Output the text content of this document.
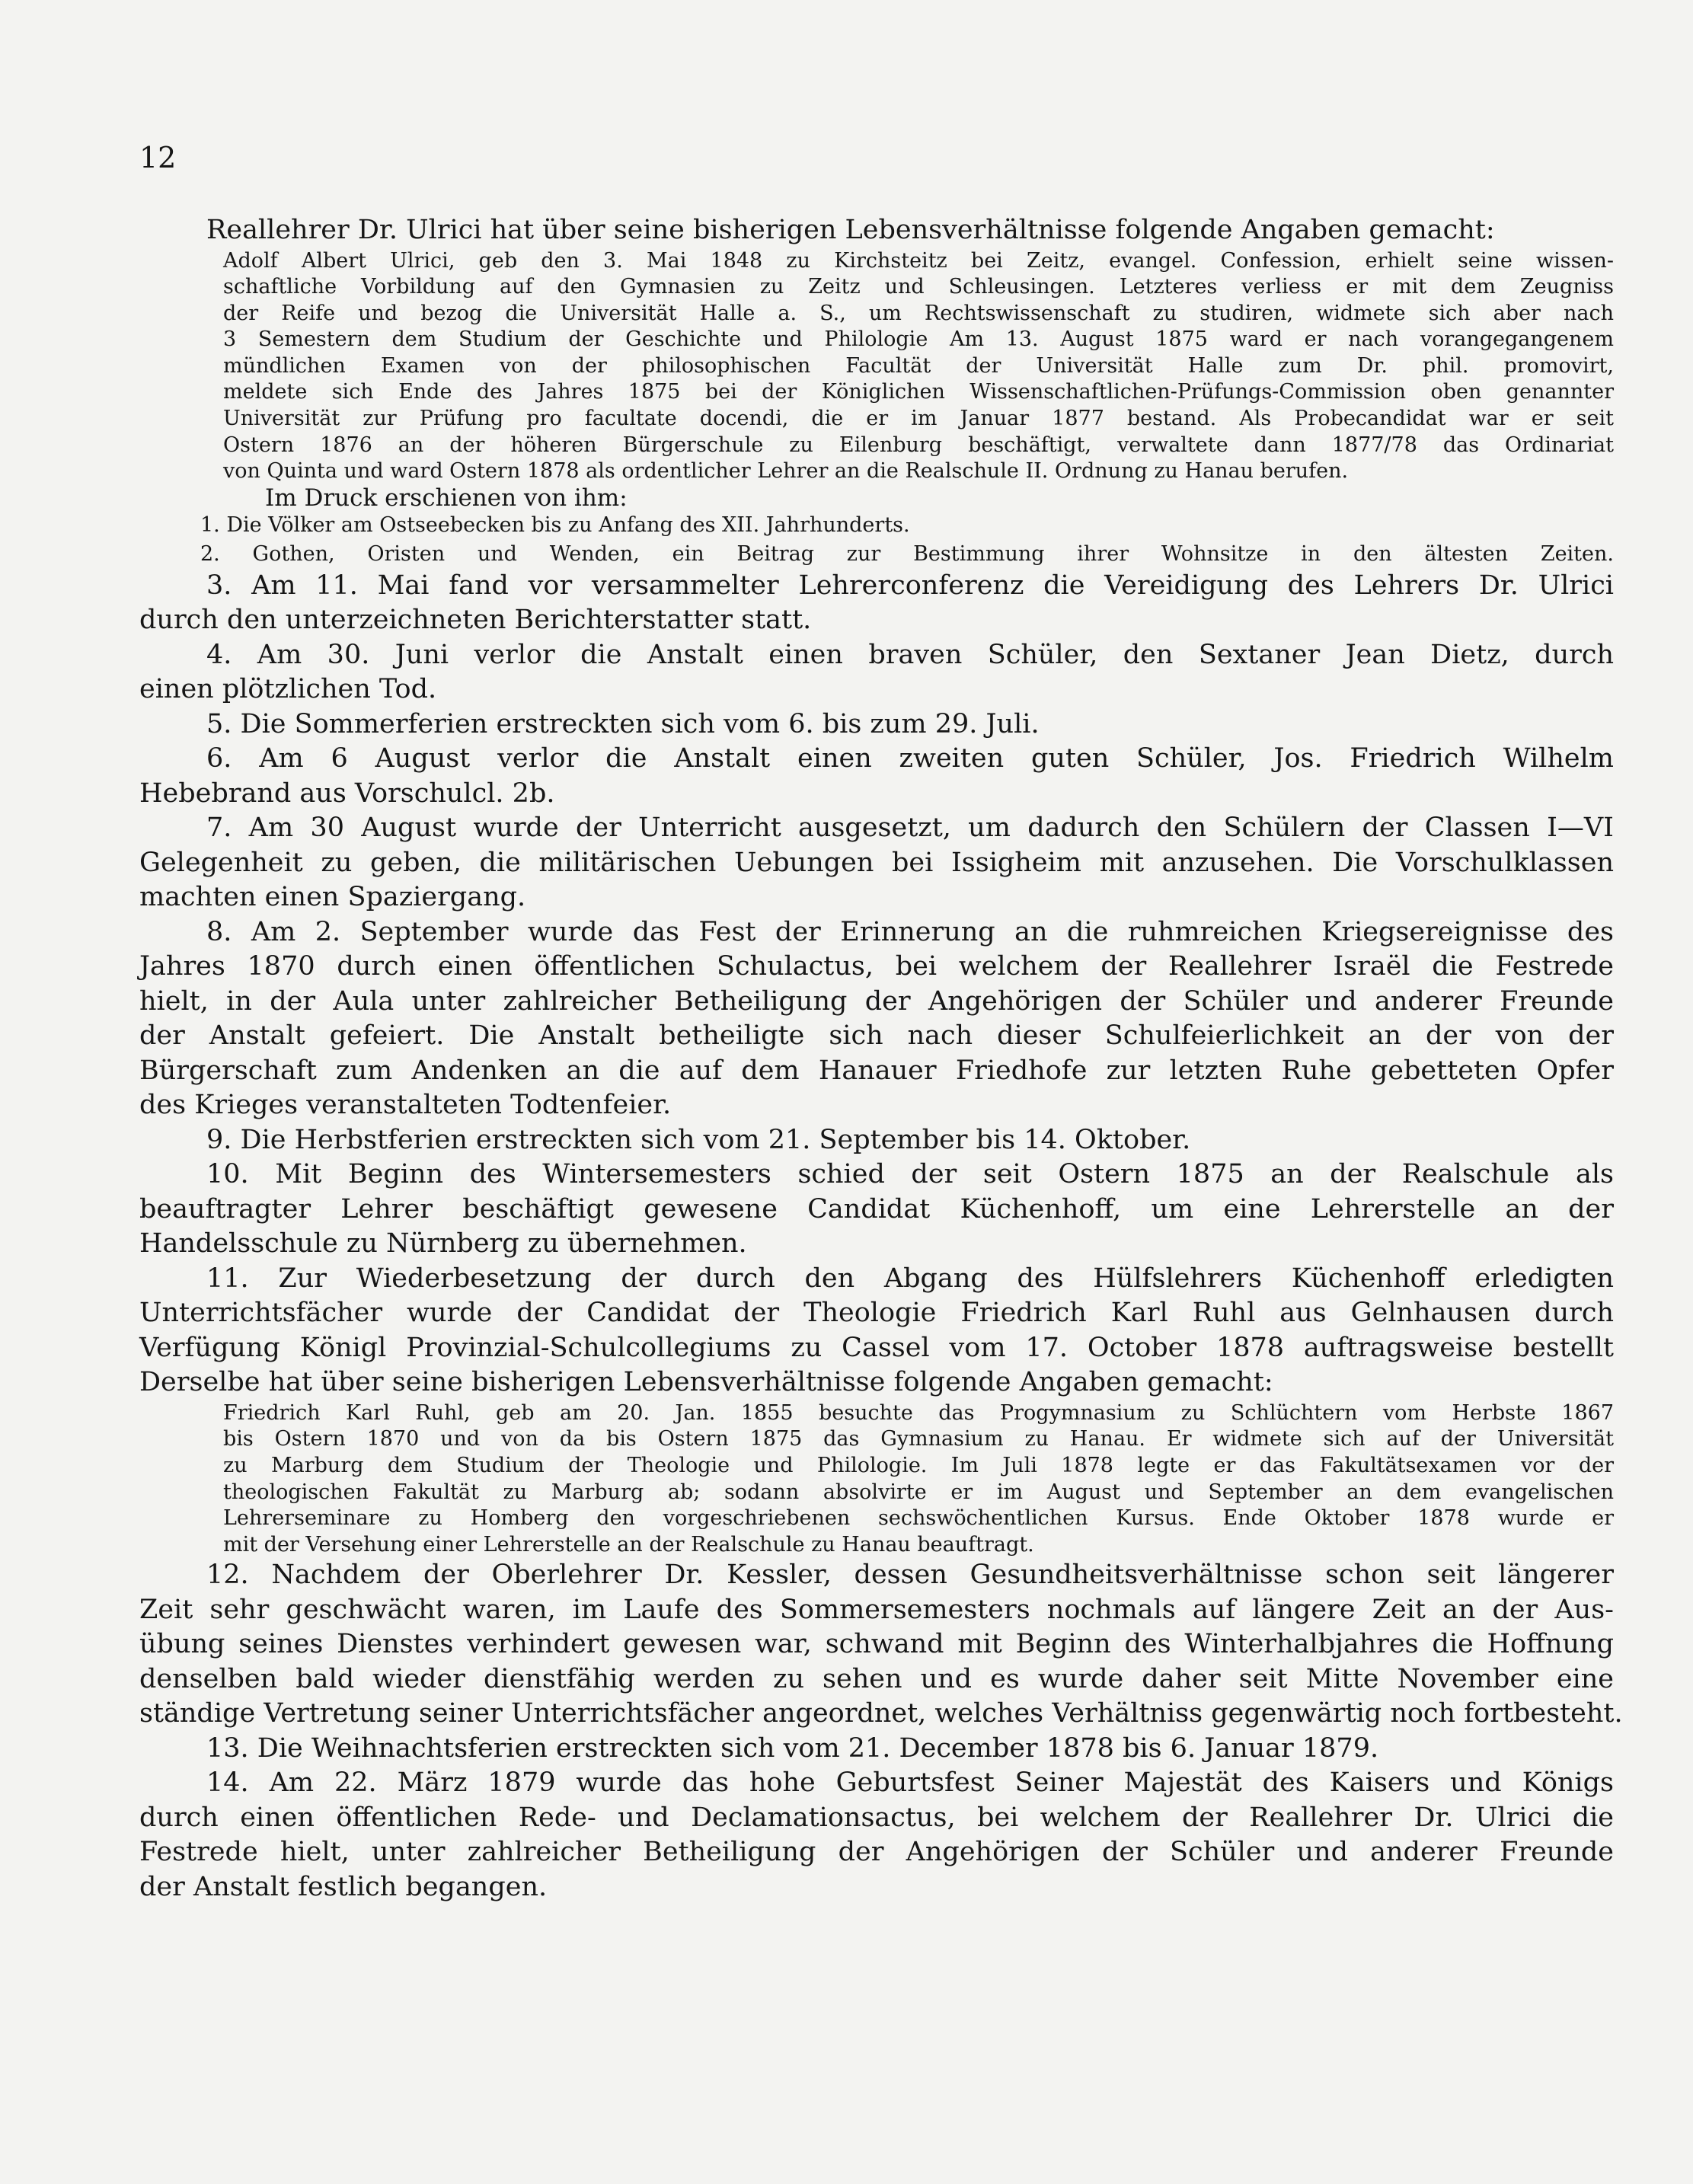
12
Reallehrer Dr. Ulrici hat über seine bisherigen Lebensverhältnisse folgende Angaben gemacht:
Adolf Albert Ulrici, geb den 3. Mai 1848 zu Kirchsteitz bei Zeitz, evangel. Confession, erhielt seine wissen-
schaftliche Vorbildung auf den Gymnasien zu Zeitz und Schleusingen. Letzteres verliess er mit dem Zeugniss
der Reife und bezog die Universität Halle a. S., um Rechtswissenschaft zu studiren, widmete sich aber nach
3 Semestern dem Studium der Geschichte und Philologie Am 13. August 1875 ward er nach vorangegangenem
mündlichen Examen von der philosophischen Facultät der Universität Halle zum Dr. phil. promovirt,
meldete sich Ende des Jahres 1875 bei der Königlichen Wissenschaftlichen-Prüfungs-Commission oben genannter
Universität zur Prüfung pro facultate docendi, die er im Januar 1877 bestand. Als Probecandidat war er seit
Ostern 1876 an der höheren Bürgerschule zu Eilenburg beschäftigt, verwaltete dann 1877/78 das Ordinariat
von Quinta und ward Ostern 1878 als ordentlicher Lehrer an die Realschule II. Ordnung zu Hanau berufen.
Im Druck erschienen von ihm:
1. Die Völker am Ostseebecken bis zu Anfang des XII. Jahrhunderts.
2. Gothen, Oristen und Wenden, ein Beitrag zur Bestimmung ihrer Wohnsitze in den ältesten Zeiten.
3. Am 11. Mai fand vor versammelter Lehrerconferenz die Vereidigung des Lehrers Dr. Ulrici
durch den unterzeichneten Berichterstatter statt.
4. Am 30. Juni verlor die Anstalt einen braven Schüler, den Sextaner Jean Dietz, durch
einen plötzlichen Tod.
5. Die Sommerferien erstreckten sich vom 6. bis zum 29. Juli.
6. Am 6 August verlor die Anstalt einen zweiten guten Schüler, Jos. Friedrich Wilhelm
Hebebrand aus Vorschulcl. 2b.
7. Am 30 August wurde der Unterricht ausgesetzt, um dadurch den Schülern der Classen I—VI
Gelegenheit zu geben, die militärischen Uebungen bei Issigheim mit anzusehen. Die Vorschulklassen
machten einen Spaziergang.
8. Am 2. September wurde das Fest der Erinnerung an die ruhmreichen Kriegsereignisse des
Jahres 1870 durch einen öffentlichen Schulactus, bei welchem der Reallehrer Israël die Festrede
hielt, in der Aula unter zahlreicher Betheiligung der Angehörigen der Schüler und anderer Freunde
der Anstalt gefeiert. Die Anstalt betheiligte sich nach dieser Schulfeierlichkeit an der von der
Bürgerschaft zum Andenken an die auf dem Hanauer Friedhofe zur letzten Ruhe gebetteten Opfer
des Krieges veranstalteten Todtenfeier.
9. Die Herbstferien erstreckten sich vom 21. September bis 14. Oktober.
10. Mit Beginn des Wintersemesters schied der seit Ostern 1875 an der Realschule als
beauftragter Lehrer beschäftigt gewesene Candidat Küchenhoff, um eine Lehrerstelle an der
Handelsschule zu Nürnberg zu übernehmen.
11. Zur Wiederbesetzung der durch den Abgang des Hülfslehrers Küchenhoff erledigten
Unterrichtsfächer wurde der Candidat der Theologie Friedrich Karl Ruhl aus Gelnhausen durch
Verfügung Königl Provinzial-Schulcollegiums zu Cassel vom 17. October 1878 auftragsweise bestellt
Derselbe hat über seine bisherigen Lebensverhältnisse folgende Angaben gemacht:
Friedrich Karl Ruhl, geb am 20. Jan. 1855 besuchte das Progymnasium zu Schlüchtern vom Herbste 1867
bis Ostern 1870 und von da bis Ostern 1875 das Gymnasium zu Hanau. Er widmete sich auf der Universität
zu Marburg dem Studium der Theologie und Philologie. Im Juli 1878 legte er das Fakultätsexamen vor der
theologischen Fakultät zu Marburg ab; sodann absolvirte er im August und September an dem evangelischen
Lehrerseminare zu Homberg den vorgeschriebenen sechswöchentlichen Kursus. Ende Oktober 1878 wurde er
mit der Versehung einer Lehrerstelle an der Realschule zu Hanau beauftragt.
12. Nachdem der Oberlehrer Dr. Kessler, dessen Gesundheitsverhältnisse schon seit längerer
Zeit sehr geschwächt waren, im Laufe des Sommersemesters nochmals auf längere Zeit an der Aus-
übung seines Dienstes verhindert gewesen war, schwand mit Beginn des Winterhalbjahres die Hoffnung
denselben bald wieder dienstfähig werden zu sehen und es wurde daher seit Mitte November eine
ständige Vertretung seiner Unterrichtsfächer angeordnet, welches Verhältniss gegenwärtig noch fortbesteht.
13. Die Weihnachtsferien erstreckten sich vom 21. December 1878 bis 6. Januar 1879.
14. Am 22. März 1879 wurde das hohe Geburtsfest Seiner Majestät des Kaisers und Königs
durch einen öffentlichen Rede- und Declamationsactus, bei welchem der Reallehrer Dr. Ulrici die
Festrede hielt, unter zahlreicher Betheiligung der Angehörigen der Schüler und anderer Freunde
der Anstalt festlich begangen.
